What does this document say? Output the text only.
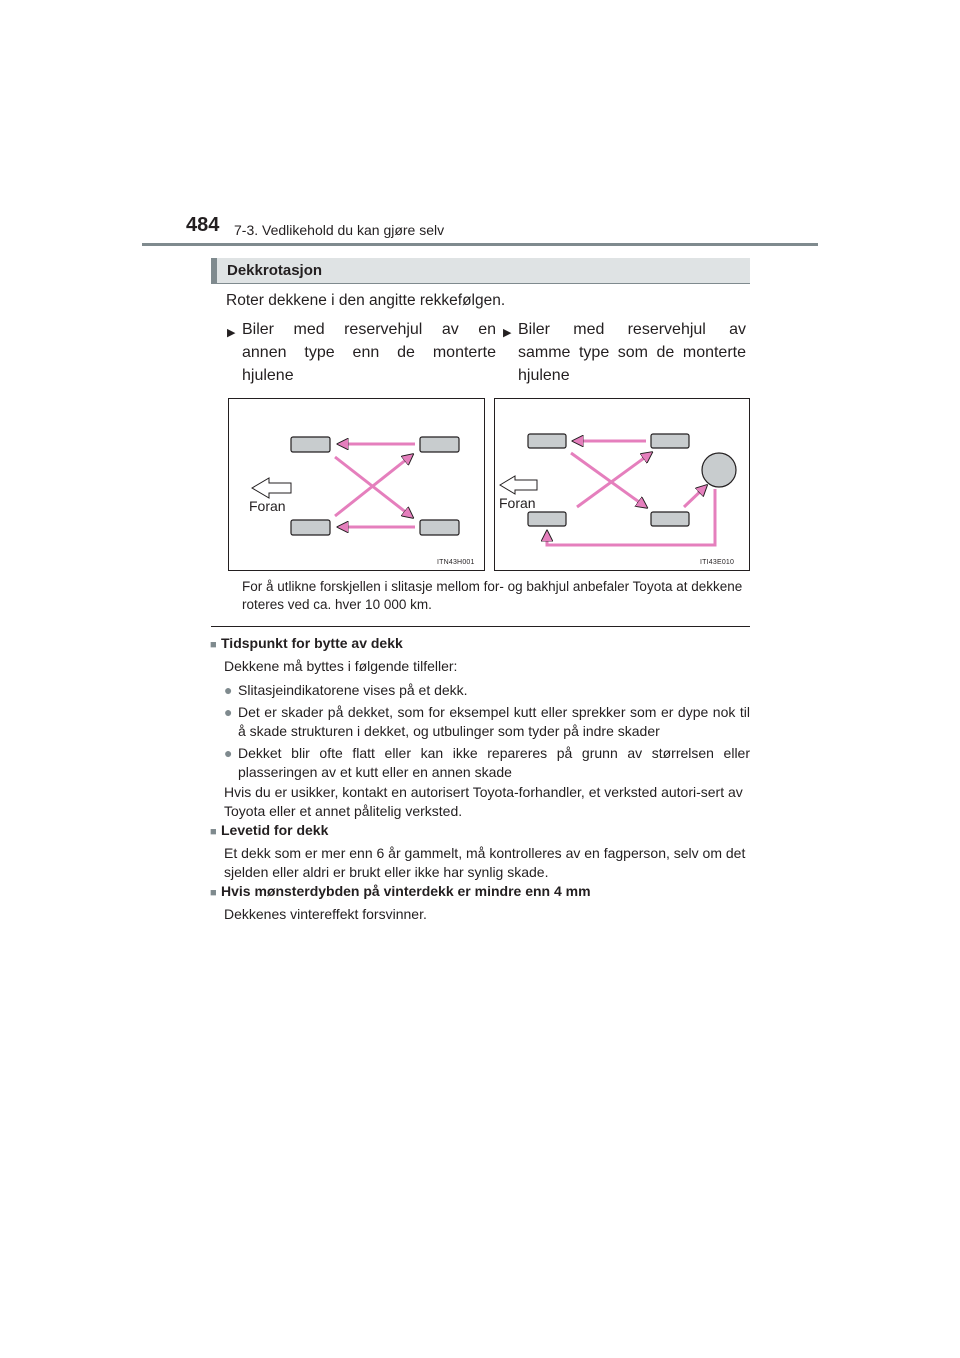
484 7-3. Vedlikehold du kan gjøre selv
Dekkrotasjon
Roter dekkene i den angitte rekkefølgen.
▶ Biler med reservehjul av en
annen type enn de monterte
hjulene
▶ Biler med reservehjul av
samme type som de monterte
hjulene
Foran
ITN43H001
Foran
ITI43E010
For å utlikne forskjellen i slitasje mellom for- og bakhjul anbefaler Toyota at dekkene roteres ved ca. hver 10 000 km.
■ Tidspunkt for bytte av dekk
Dekkene må byttes i følgende tilfeller:
● Slitasjeindikatorene vises på et dekk.
● Det er skader på dekket, som for eksempel kutt eller sprekker som er dype nok til å skade strukturen i dekket, og utbulinger som tyder på indre skader
● Dekket blir ofte flatt eller kan ikke repareres på grunn av størrelsen eller plasseringen av et kutt eller en annen skade
Hvis du er usikker, kontakt en autorisert Toyota-forhandler, et verksted autori-sert av Toyota eller et annet pålitelig verksted.
■ Levetid for dekk
Et dekk som er mer enn 6 år gammelt, må kontrolleres av en fagperson, selv om det sjelden eller aldri er brukt eller ikke har synlig skade.
■ Hvis mønsterdybden på vinterdekk er mindre enn 4 mm
Dekkenes vintereffekt forsvinner.
